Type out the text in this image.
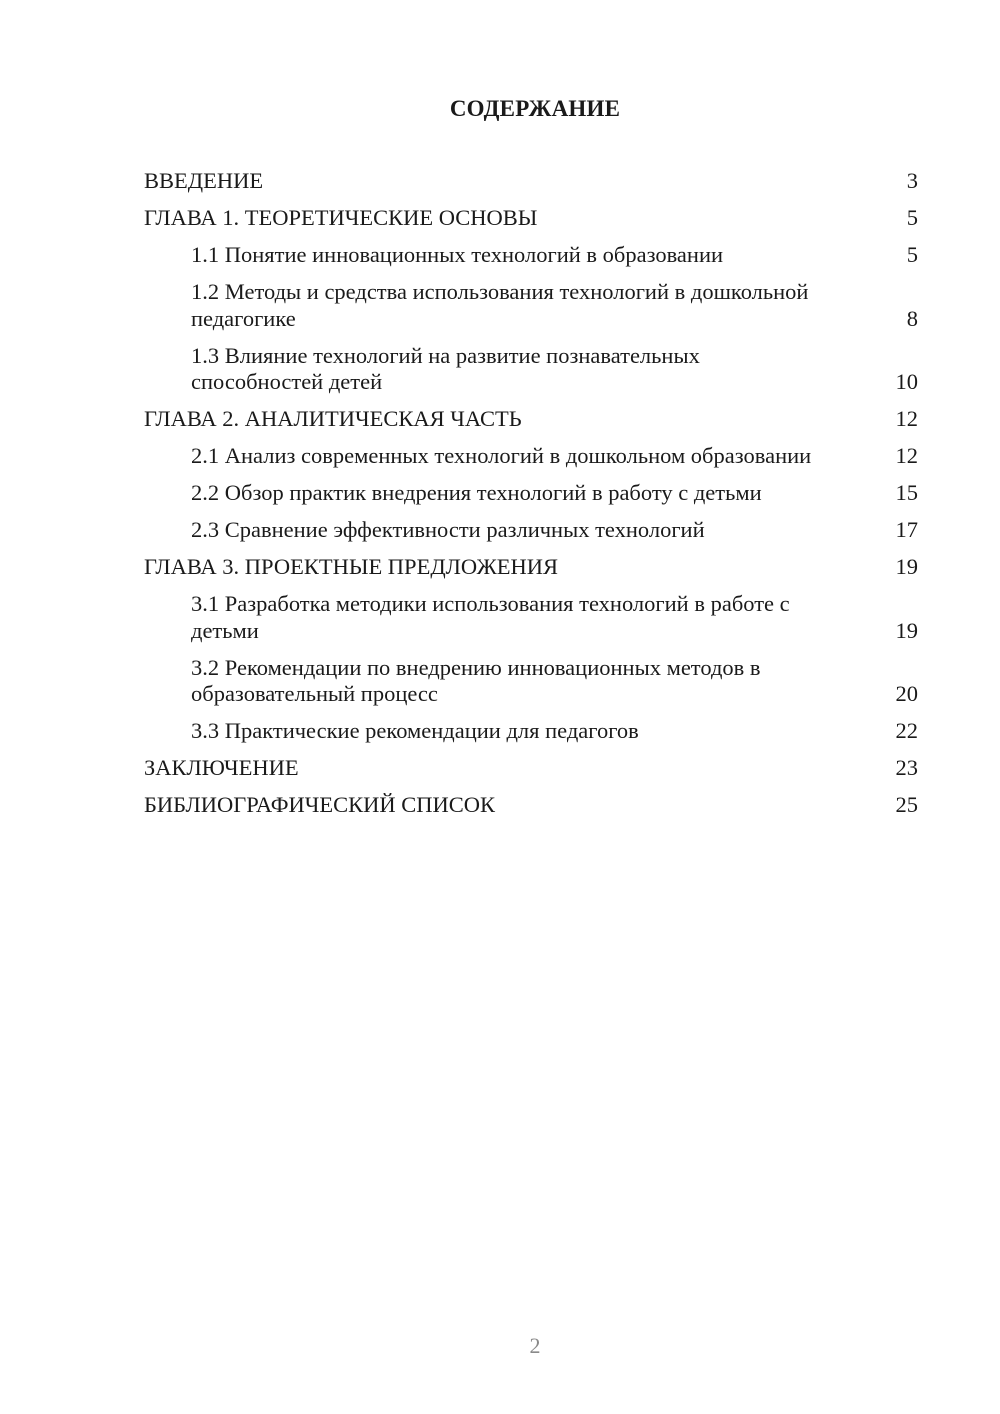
СОДЕРЖАНИЕ
ВВЕДЕНИЕ	3
ГЛАВА 1. ТЕОРЕТИЧЕСКИЕ ОСНОВЫ	5
1.1 Понятие инновационных технологий в образовании	5
1.2 Методы и средства использования технологий в дошкольной педагогике	8
1.3 Влияние технологий на развитие познавательных способностей детей	10
ГЛАВА 2. АНАЛИТИЧЕСКАЯ ЧАСТЬ	12
2.1 Анализ современных технологий в дошкольном образовании	12
2.2 Обзор практик внедрения технологий в работу с детьми	15
2.3 Сравнение эффективности различных технологий	17
ГЛАВА 3. ПРОЕКТНЫЕ ПРЕДЛОЖЕНИЯ	19
3.1 Разработка методики использования технологий в работе с детьми	19
3.2 Рекомендации по внедрению инновационных методов в образовательный процесс	20
3.3 Практические рекомендации для педагогов	22
ЗАКЛЮЧЕНИЕ	23
БИБЛИОГРАФИЧЕСКИЙ СПИСОК	25
2
